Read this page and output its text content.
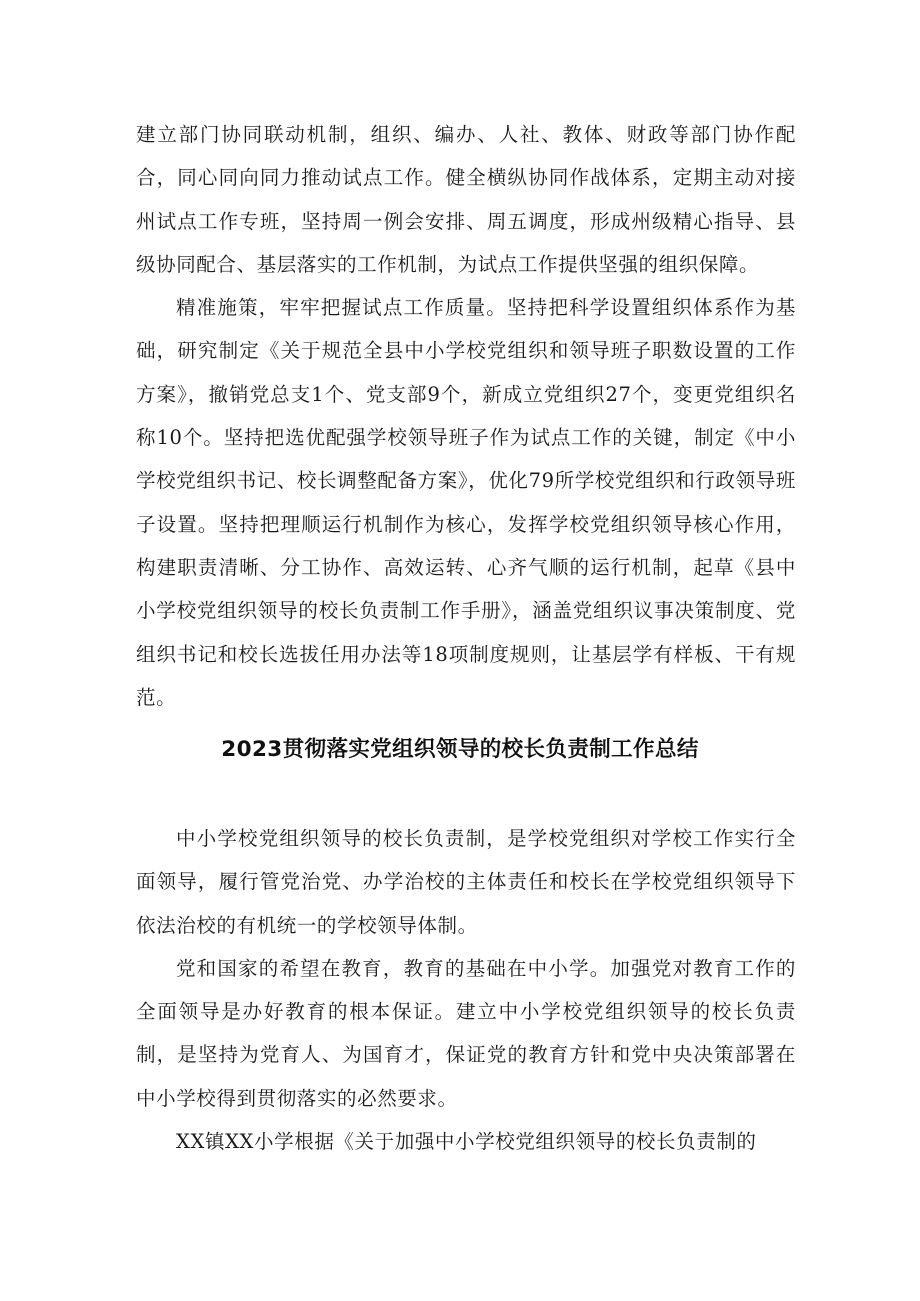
建立部门协同联动机制，组织、编办、人社、教体、财政等部门协作配合，同心同向同力推动试点工作。健全横纵协同作战体系，定期主动对接州试点工作专班，坚持周一例会安排、周五调度，形成州级精心指导、县级协同配合、基层落实的工作机制，为试点工作提供坚强的组织保障。

精准施策，牢牢把握试点工作质量。坚持把科学设置组织体系作为基础，研究制定《关于规范全县中小学校党组织和领导班子职数设置的工作方案》，撤销党总支1个、党支部9个，新成立党组织27个，变更党组织名称10个。坚持把选优配强学校领导班子作为试点工作的关键，制定《中小学校党组织书记、校长调整配备方案》，优化79所学校党组织和行政领导班子设置。坚持把理顺运行机制作为核心，发挥学校党组织领导核心作用，构建职责清晰、分工协作、高效运转、心齐气顺的运行机制，起草《县中小学校党组织领导的校长负责制工作手册》，涵盖党组织议事决策制度、党组织书记和校长选拔任用办法等18项制度规则，让基层学有样板、干有规范。

2023贯彻落实党组织领导的校长负责制工作总结

中小学校党组织领导的校长负责制，是学校党组织对学校工作实行全面领导，履行管党治党、办学治校的主体责任和校长在学校党组织领导下依法治校的有机统一的学校领导体制。

党和国家的希望在教育，教育的基础在中小学。加强党对教育工作的全面领导是办好教育的根本保证。建立中小学校党组织领导的校长负责制，是坚持为党育人、为国育才，保证党的教育方针和党中央决策部署在中小学校得到贯彻落实的必然要求。

XX镇XX小学根据《关于加强中小学校党组织领导的校长负责制的
